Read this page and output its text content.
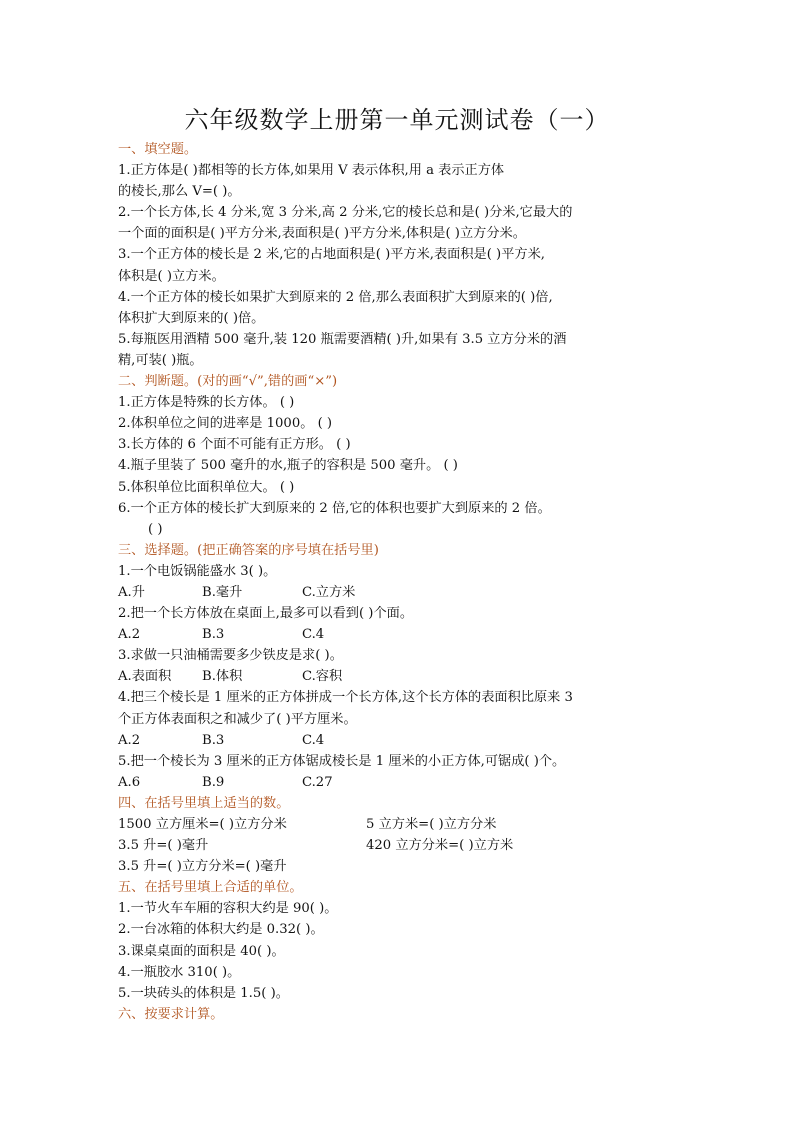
六年级数学上册第一单元测试卷（一）
一、填空题。
1.正方体是( )都相等的长方体,如果用 V 表示体积,用 a 表示正方体
的棱长,那么 V=( )。
2.一个长方体,长 4 分米,宽 3 分米,高 2 分米,它的棱长总和是( )分米,它最大的
一个面的面积是( )平方分米,表面积是( )平方分米,体积是( )立方分米。
3.一个正方体的棱长是 2 米,它的占地面积是( )平方米,表面积是( )平方米,
体积是( )立方米。
4.一个正方体的棱长如果扩大到原来的 2 倍,那么表面积扩大到原来的( )倍,
体积扩大到原来的( )倍。
5.每瓶医用酒精 500 毫升,装 120 瓶需要酒精( )升,如果有 3.5 立方分米的酒
精,可装( )瓶。
二、判断题。(对的画“√”,错的画“×”)
1.正方体是特殊的长方体。 ( )
2.体积单位之间的进率是 1000。 ( )
3.长方体的 6 个面不可能有正方形。 ( )
4.瓶子里装了 500 毫升的水,瓶子的容积是 500 毫升。 ( )
5.体积单位比面积单位大。 ( )
6.一个正方体的棱长扩大到原来的 2 倍,它的体积也要扩大到原来的 2 倍。
( )
三、选择题。(把正确答案的序号填在括号里)
1.一个电饭锅能盛水 3( )。
A.升	B.毫升	C.立方米
2.把一个长方体放在桌面上,最多可以看到( )个面。
A.2	B.3	C.4
3.求做一只油桶需要多少铁皮是求( )。
A.表面积 B.体积	C.容积
4.把三个棱长是 1 厘米的正方体拼成一个长方体,这个长方体的表面积比原来 3
个正方体表面积之和减少了( )平方厘米。
A.2	B.3	C.4
5.把一个棱长为 3 厘米的正方体锯成棱长是 1 厘米的小正方体,可锯成( )个。
A.6	B.9	C.27
四、在括号里填上适当的数。
1500 立方厘米=( )立方分米	5 立方米=( )立方分米
3.5 升=( )毫升	420 立方分米=( )立方米
3.5 升=( )立方分米=( )毫升
五、在括号里填上合适的单位。
1.一节火车车厢的容积大约是 90( )。
2.一台冰箱的体积大约是 0.32( )。
3.课桌桌面的面积是 40( )。
4.一瓶胶水 310( )。
5.一块砖头的体积是 1.5( )。
六、按要求计算。
